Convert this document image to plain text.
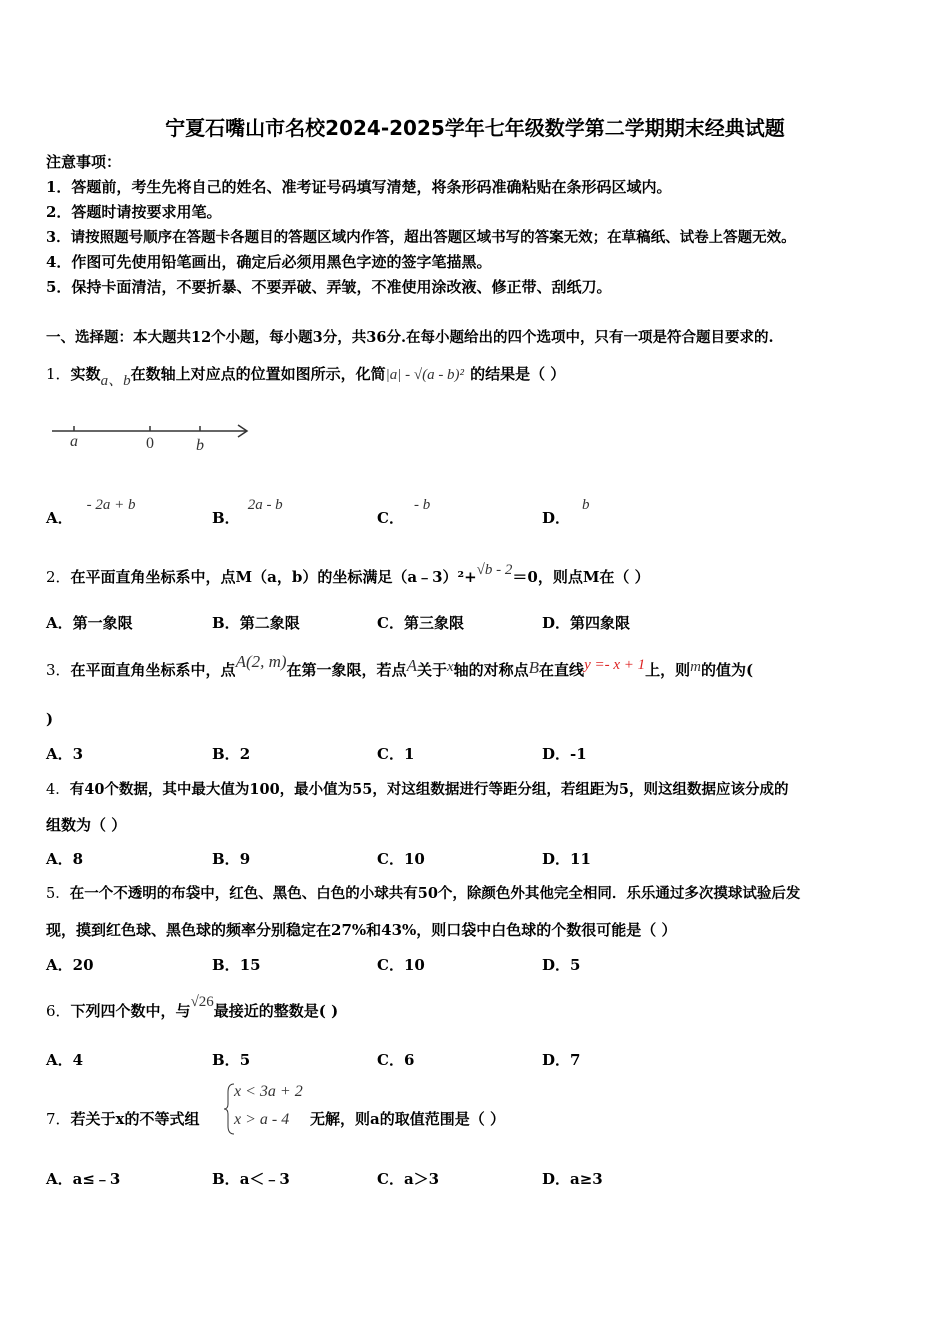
宁夏石嘴山市名校2024-2025学年七年级数学第二学期期末经典试题
注意事项：
1．答题前，考生先将自己的姓名、准考证号码填写清楚，将条形码准确粘贴在条形码区域内。
2．答题时请按要求用笔。
3．请按照题号顺序在答题卡各题目的答题区域内作答，超出答题区域书写的答案无效；在草稿纸、试卷上答题无效。
4．作图可先使用铅笔画出，确定后必须用黑色字迹的签字笔描黑。
5．保持卡面清洁，不要折暴、不要弄破、弄皱，不准使用涂改液、修正带、刮纸刀。
一、选择题：本大题共12个小题，每小题3分，共36分.在每小题给出的四个选项中，只有一项是符合题目要求的.
1．实数a、b在数轴上对应点的位置如图所示，化简|a| - √(a - b)² 的结果是（ ）
a	0	b
A．- 2a + b
B．2a - b
C．- b
D．b
2．在平面直角坐标系中，点M（a，b）的坐标满足（a﹣3）²+√b - 2＝0，则点M在（ ）
A．第一象限	B．第二象限	C．第三象限	D．第四象限
3．在平面直角坐标系中，点A(2, m)在第一象限，若点A关于x轴的对称点B在直线y =- x + 1上，则m的值为(
)
A．3	B．2	C．1	D．-1
4．有40个数据，其中最大值为100，最小值为55，对这组数据进行等距分组，若组距为5，则这组数据应该分成的
组数为（ ）
A．8	B．9	C．10	D．11
5．在一个不透明的布袋中，红色、黑色、白色的小球共有50个，除颜色外其他完全相同．乐乐通过多次摸球试验后发
现，摸到红色球、黑色球的频率分别稳定在27%和43%，则口袋中白色球的个数很可能是（ ）
A．20	B．15	C．10	D．5
6．下列四个数中，与√26最接近的整数是( )
A．4	B．5	C．6	D．7
7．若关于x的不等式组
x < 3a + 2
x > a - 4 无解，则a的取值范围是（ ）
A．a≤﹣3	B．a＜﹣3	C．a＞3	D．a≥3
